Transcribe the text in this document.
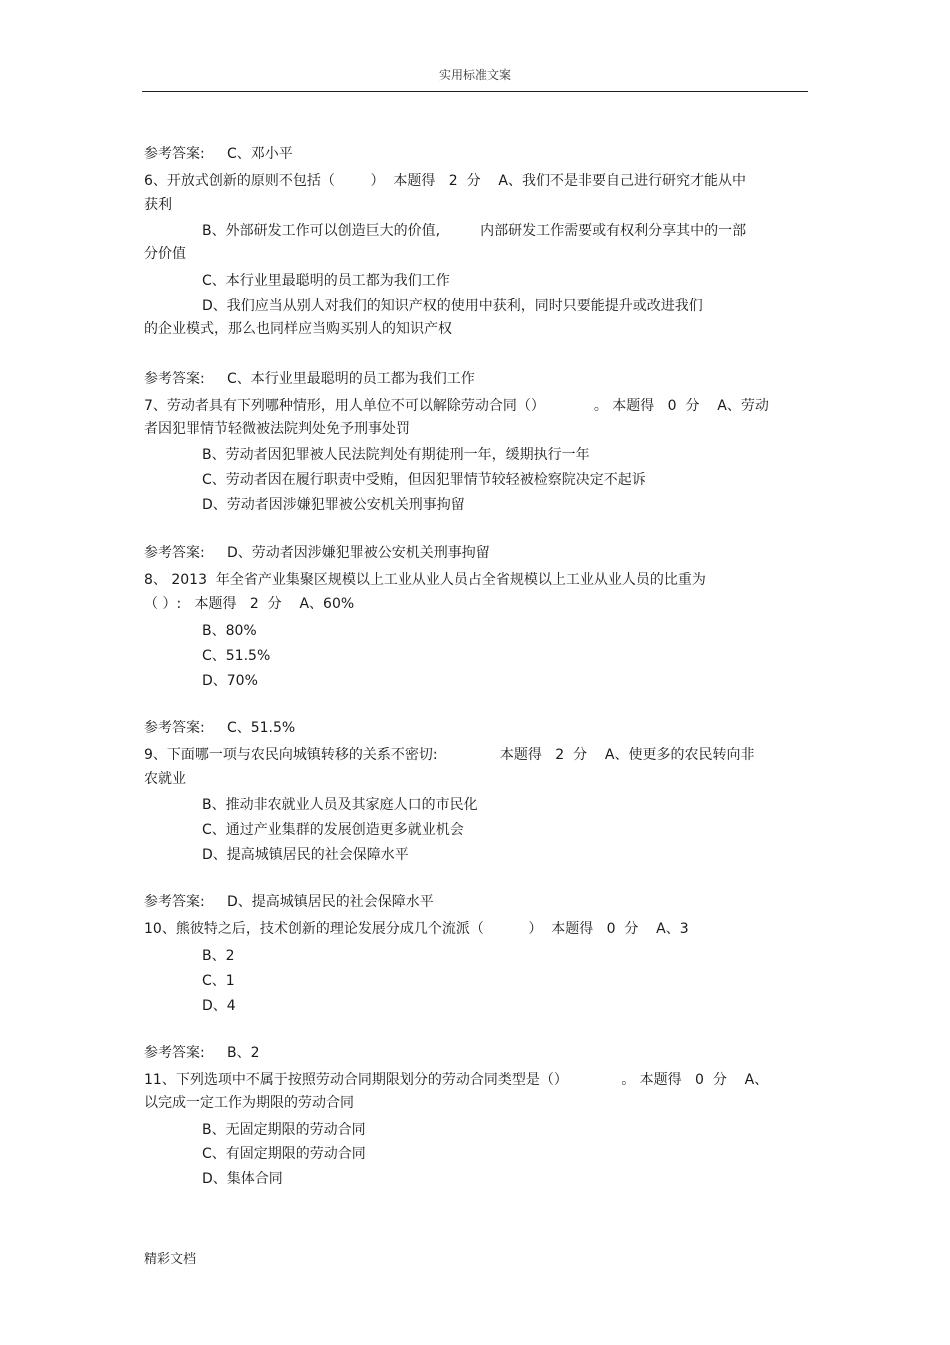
实用标准文案
参考答案:     C、邓小平
6、开放式创新的原则不包括（        ）  本题得   2  分    A、我们不是非要自己进行研究才能从中
获利
B、外部研发工作可以创造巨大的价值,         内部研发工作需要或有权利分享其中的一部
分价值
C、本行业里最聪明的员工都为我们工作
D、我们应当从别人对我们的知识产权的使用中获利，同时只要能提升或改进我们
的企业模式，那么也同样应当购买别人的知识产权
参考答案:     C、本行业里最聪明的员工都为我们工作
7、劳动者具有下列哪种情形，用人单位不可以解除劳动合同（）           。 本题得   0  分    A、劳动
者因犯罪情节轻微被法院判处免予刑事处罚
B、劳动者因犯罪被人民法院判处有期徒刑一年，缓期执行一年
C、劳动者因在履行职责中受贿，但因犯罪情节较轻被检察院决定不起诉
D、劳动者因涉嫌犯罪被公安机关刑事拘留
参考答案:     D、劳动者因涉嫌犯罪被公安机关刑事拘留
8、 2013  年全省产业集聚区规模以上工业从业人员占全省规模以上工业从业人员的比重为
（ ）:   本题得   2  分    A、60%
B、80%
C、51.5%
D、70%
参考答案:     C、51.5%
9、下面哪一项与农民向城镇转移的关系不密切:              本题得   2  分    A、使更多的农民转向非
农就业
B、推动非农就业人员及其家庭人口的市民化
C、通过产业集群的发展创造更多就业机会
D、提高城镇居民的社会保障水平
参考答案:     D、提高城镇居民的社会保障水平
10、熊彼特之后，技术创新的理论发展分成几个流派（          ）  本题得   0  分    A、3
B、2
C、1
D、4
参考答案:     B、2
11、下列选项中不属于按照劳动合同期限划分的劳动合同类型是（）            。 本题得   0  分    A、
以完成一定工作为期限的劳动合同
B、无固定期限的劳动合同
C、有固定期限的劳动合同
D、集体合同
精彩文档
